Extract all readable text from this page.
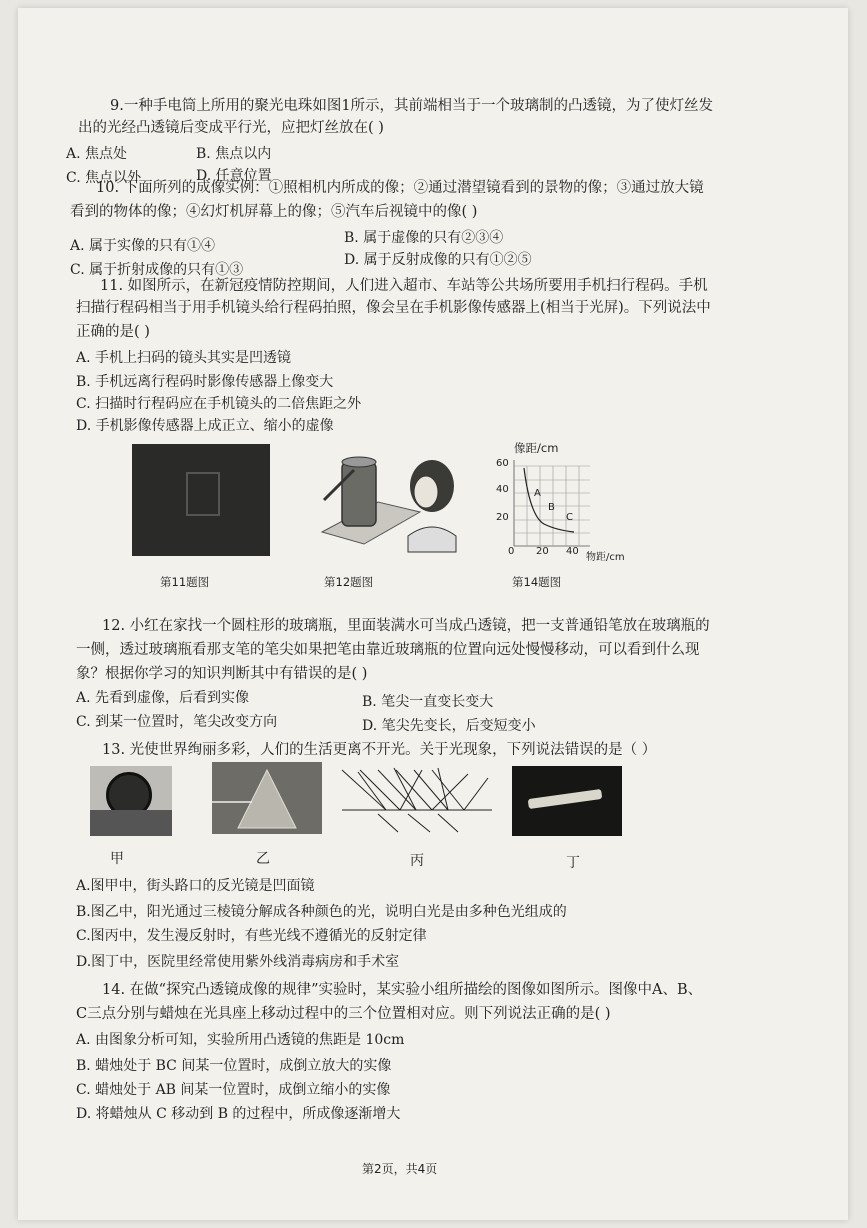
9.一种手电筒上所用的聚光电珠如图1所示，其前端相当于一个玻璃制的凸透镜，为了使灯丝发
出的光经凸透镜后变成平行光，应把灯丝放在( )
A. 焦点处	B. 焦点以内
C. 焦点以外	D. 任意位置
10. 下面所列的成像实例：①照相机内所成的像；②通过潜望镜看到的景物的像；③通过放大镜
看到的物体的像；④幻灯机屏幕上的像；⑤汽车后视镜中的像( )
A. 属于实像的只有①④	B. 属于虚像的只有②③④
C. 属于折射成像的只有①③
D. 属于反射成像的只有①②⑤
11. 如图所示，在新冠疫情防控期间，人们进入超市、车站等公共场所要用手机扫行程码。手机
扫描行程码相当于用手机镜头给行程码拍照，像会呈在手机影像传感器上(相当于光屏)。下列说法中
正确的是( )
A. 手机上扫码的镜头其实是凹透镜
B. 手机远离行程码时影像传感器上像变大
C. 扫描时行程码应在手机镜头的二倍焦距之外
D. 手机影像传感器上成正立、缩小的虚像
第11题图	第12题图
像距/cm
60
40
20
0 20 40
物距/cm
A
B
C
第14题图
12. 小红在家找一个圆柱形的玻璃瓶，里面装满水可当成凸透镜，把一支普通铅笔放在玻璃瓶的
一侧，透过玻璃瓶看那支笔的笔尖如果把笔由靠近玻璃瓶的位置向远处慢慢移动，可以看到什么现
象？根据你学习的知识判断其中有错误的是( )
A. 先看到虚像，后看到实像	B. 笔尖一直变长变大
C. 到某一位置时，笔尖改变方向	D. 笔尖先变长，后变短变小
13. 光使世界绚丽多彩，人们的生活更离不开光。关于光现象，下列说法错误的是（ ）
甲	乙	丙	丁
A.图甲中，街头路口的反光镜是凹面镜
B.图乙中，阳光通过三棱镜分解成各种颜色的光，说明白光是由多种色光组成的
C.图丙中，发生漫反射时，有些光线不遵循光的反射定律
D.图丁中，医院里经常使用紫外线消毒病房和手术室
14. 在做“探究凸透镜成像的规律”实验时，某实验小组所描绘的图像如图所示。图像中A、B、
C三点分别与蜡烛在光具座上移动过程中的三个位置相对应。则下列说法正确的是( )
A. 由图象分析可知，实验所用凸透镜的焦距是 10cm
B. 蜡烛处于 BC 间某一位置时，成倒立放大的实像
C. 蜡烛处于 AB 间某一位置时，成倒立缩小的实像
D. 将蜡烛从 C 移动到 B 的过程中，所成像逐渐增大
第2页，共4页
